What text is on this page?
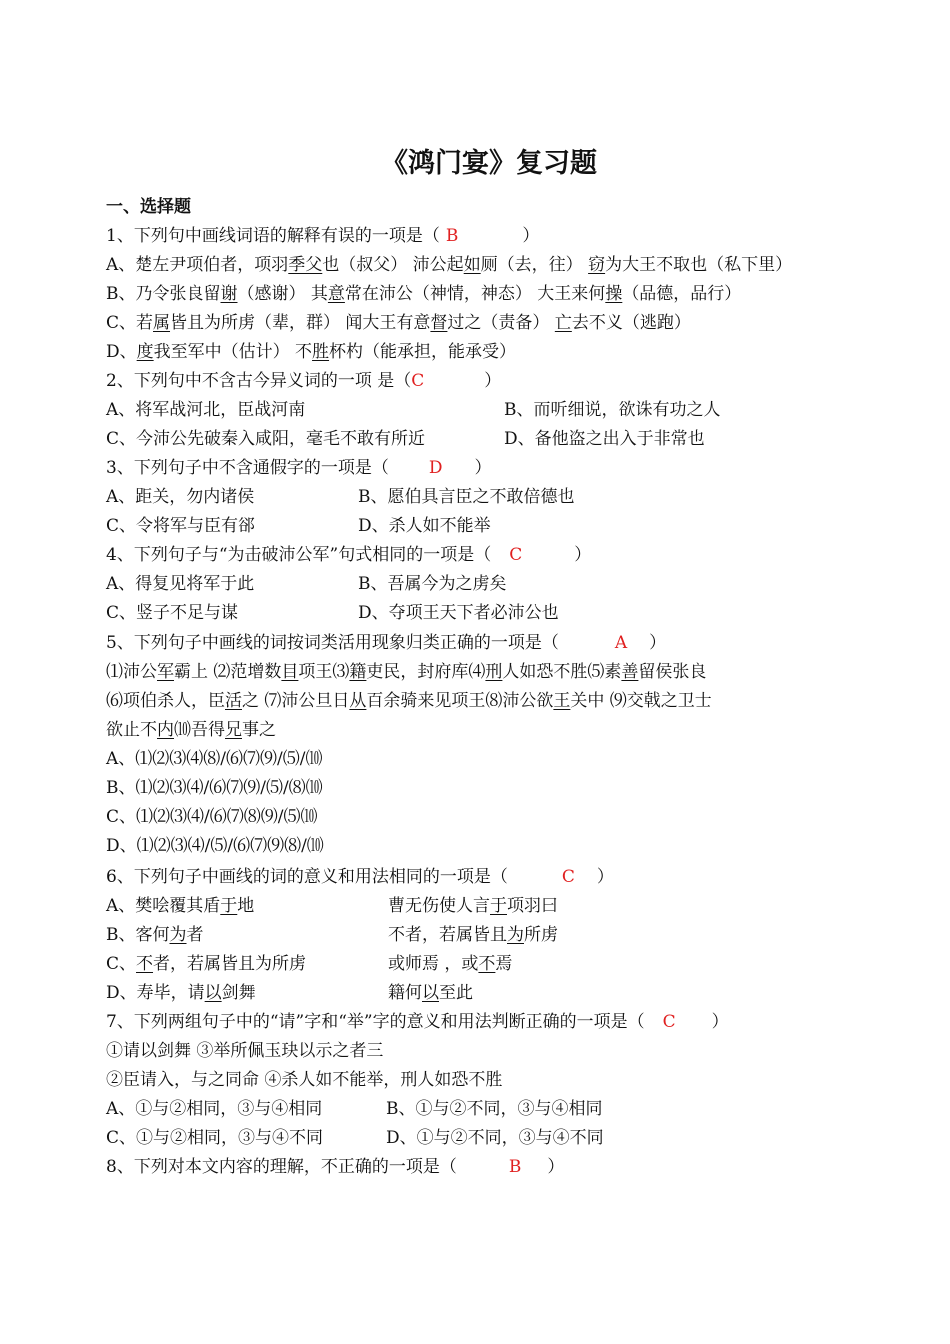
《鸿门宴》复习题
一、选择题
1、下列句中画线词语的解释有误的一项是（ B	）
A、楚左尹项伯者，项羽季父也（叔父） 沛公起如厕（去，往） 窃为大王不取也（私下里）
B、乃令张良留谢（感谢） 其意常在沛公（神情，神态） 大王来何操（品德，品行）
C、若属皆且为所虏（辈，群） 闻大王有意督过之（责备） 亡去不义（逃跑）
D、度我至军中（估计） 不胜杯杓（能承担，能承受）
2、下列句中不含古今异义词的一项 是（C	）
A、将军战河北，臣战河南	B、而听细说，欲诛有功之人
C、今沛公先破秦入咸阳，毫毛不敢有所近	D、备他盗之出入于非常也
3、下列句子中不含通假字的一项是（ D ）
A、距关，勿内诸侯	B、愿伯具言臣之不敢倍德也
C、令将军与臣有郤	D、杀人如不能举
4、下列句子与“为击破沛公军”句式相同的一项是（ C	）
A、得复见将军于此	B、吾属今为之虏矣
C、竖子不足与谋	D、夺项王天下者必沛公也
5、下列句子中画线的词按词类活用现象归类正确的一项是（	A ）
⑴沛公军霸上 ⑵范增数目项王⑶籍吏民，封府库⑷刑人如恐不胜⑸素善留侯张良
⑹项伯杀人，臣活之 ⑺沛公旦日从百余骑来见项王⑻沛公欲王关中 ⑼交戟之卫士
欲止不内⑽吾得兄事之
A、⑴⑵⑶⑷⑻/⑹⑺⑼/⑸/⑽
B、⑴⑵⑶⑷/⑹⑺⑼/⑸/⑻⑽
C、⑴⑵⑶⑷/⑹⑺⑻⑼/⑸⑽
D、⑴⑵⑶⑷/⑸/⑹⑺⑼⑻/⑽
6、下列句子中画线的词的意义和用法相同的一项是（	C ）
A、樊哙覆其盾于地	曹无伤使人言于项羽曰
B、客何为者	不者，若属皆且为所虏
C、不者，若属皆且为所虏	或师焉 ，或不焉
D、寿毕，请以剑舞	籍何以至此
7、下列两组句子中的“请”字和“举”字的意义和用法判断正确的一项是（ C ）
①请以剑舞 ③举所佩玉玦以示之者三
②臣请入，与之同命 ④杀人如不能举，刑人如恐不胜
A、①与②相同，③与④相同	B、①与②不同，③与④相同
C、①与②相同，③与④不同	D、①与②不同，③与④不同
8、下列对本文内容的理解，不正确的一项是（	B ）
